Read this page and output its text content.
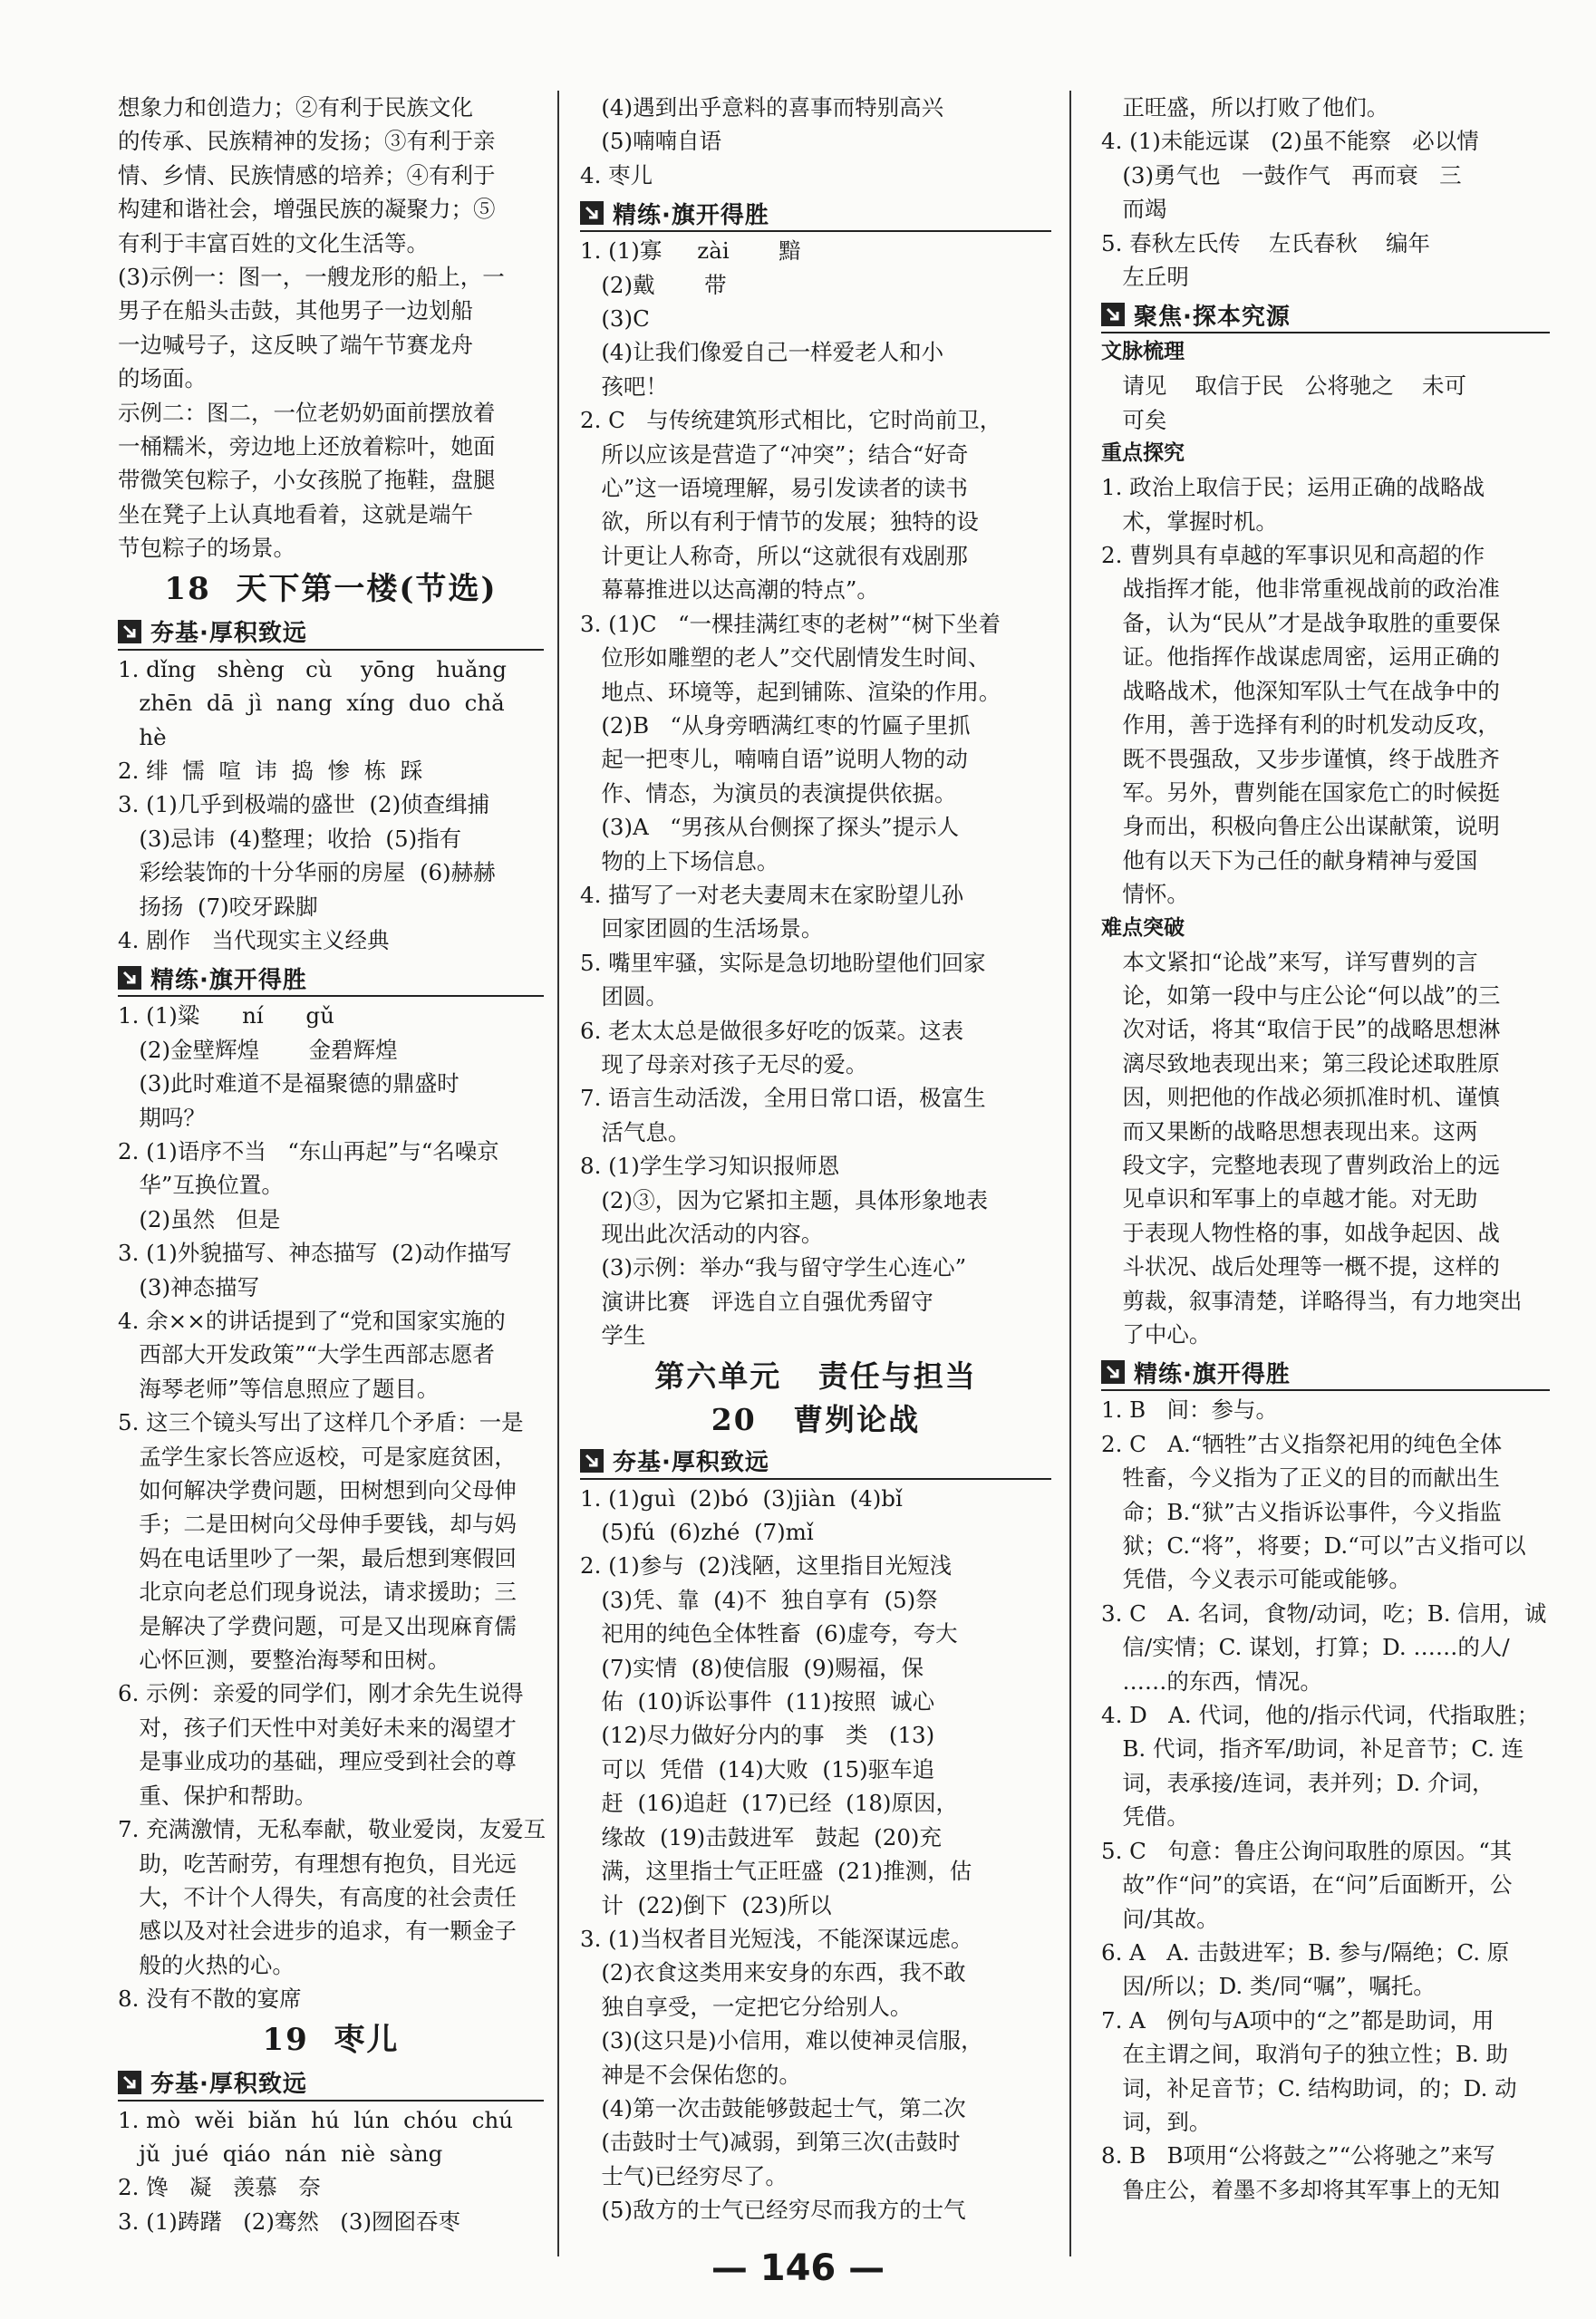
想象力和创造力；②有利于民族文化
的传承、民族精神的发扬；③有利于亲
情、乡情、民族情感的培养；④有利于
构建和谐社会，增强民族的凝聚力；⑤
有利于丰富百姓的文化生活等。
(3)示例一：图一，一艘龙形的船上，一
男子在船头击鼓，其他男子一边划船
一边喊号子，这反映了端午节赛龙舟
的场面。
示例二：图二，一位老奶奶面前摆放着
一桶糯米，旁边地上还放着粽叶，她面
带微笑包粽子，小女孩脱了拖鞋，盘腿
坐在凳子上认真地看着，这就是端午
节包粽子的场景。
18  天下第一楼(节选)
夯基·厚积致远
1. dǐng   shèng   cù    yōng   huǎng
zhēn  dā  jì  nang  xíng  duo  chǎ
hè
2. 绯  懦  喧  讳  捣  惨  栋  踩
3. (1)几乎到极端的盛世  (2)侦查缉捕
(3)忌讳  (4)整理；收拾  (5)指有
彩绘装饰的十分华丽的房屋  (6)赫赫
扬扬  (7)咬牙跺脚
4. 剧作   当代现实主义经典
精练·旗开得胜
1. (1)粱      ní      gǔ
(2)金壁辉煌       金碧辉煌
(3)此时难道不是福聚德的鼎盛时
期吗？
2. (1)语序不当   “东山再起”与“名噪京
华”互换位置。
(2)虽然   但是
3. (1)外貌描写、神态描写  (2)动作描写
(3)神态描写
4. 余××的讲话提到了“党和国家实施的
西部大开发政策”“大学生西部志愿者
海琴老师”等信息照应了题目。
5. 这三个镜头写出了这样几个矛盾：一是
孟学生家长答应返校，可是家庭贫困，
如何解决学费问题，田树想到向父母伸
手；二是田树向父母伸手要钱，却与妈
妈在电话里吵了一架，最后想到寒假回
北京向老总们现身说法，请求援助；三
是解决了学费问题，可是又出现麻育儒
心怀叵测，要整治海琴和田树。
6. 示例：亲爱的同学们，刚才余先生说得
对，孩子们天性中对美好未来的渴望才
是事业成功的基础，理应受到社会的尊
重、保护和帮助。
7. 充满激情，无私奉献，敬业爱岗，友爱互
助，吃苦耐劳，有理想有抱负，目光远
大，不计个人得失，有高度的社会责任
感以及对社会进步的追求，有一颗金子
般的火热的心。
8. 没有不散的宴席
19  枣儿
夯基·厚积致远
1. mò  wěi  biǎn  hú  lún  chóu  chú
jǔ  jué  qiáo  nán  niè  sàng
2. 馋   凝   羡慕   奈
3. (1)踌躇   (2)骞然   (3)囫囵吞枣
(4)遇到出乎意料的喜事而特别高兴
(5)喃喃自语
4. 枣儿
精练·旗开得胜
1. (1)寡     zài       黯
(2)戴       带
(3)C
(4)让我们像爱自己一样爱老人和小
孩吧！
2. C   与传统建筑形式相比，它时尚前卫，
所以应该是营造了“冲突”；结合“好奇
心”这一语境理解，易引发读者的读书
欲，所以有利于情节的发展；独特的设
计更让人称奇，所以“这就很有戏剧那
幕幕推进以达高潮的特点”。
3. (1)C   “一棵挂满红枣的老树”“树下坐着
位形如雕塑的老人”交代剧情发生时间、
地点、环境等，起到铺陈、渲染的作用。
(2)B   “从身旁晒满红枣的竹匾子里抓
起一把枣儿，喃喃自语”说明人物的动
作、情态，为演员的表演提供依据。
(3)A   “男孩从台侧探了探头”提示人
物的上下场信息。
4. 描写了一对老夫妻周末在家盼望儿孙
回家团圆的生活场景。
5. 嘴里牢骚，实际是急切地盼望他们回家
团圆。
6. 老太太总是做很多好吃的饭菜。这表
现了母亲对孩子无尽的爱。
7. 语言生动活泼，全用日常口语，极富生
活气息。
8. (1)学生学习知识报师恩
(2)③，因为它紧扣主题，具体形象地表
现出此次活动的内容。
(3)示例：举办“我与留守学生心连心”
演讲比赛   评选自立自强优秀留守
学生
第六单元   责任与担当
20   曹刿论战
夯基·厚积致远
1. (1)guì  (2)bó  (3)jiàn  (4)bǐ
(5)fú  (6)zhé  (7)mǐ
2. (1)参与  (2)浅陋，这里指目光短浅
(3)凭、靠  (4)不  独自享有  (5)祭
祀用的纯色全体牲畜  (6)虚夸，夸大
(7)实情  (8)使信服  (9)赐福，保
佑  (10)诉讼事件  (11)按照  诚心
(12)尽力做好分内的事   类   (13)
可以  凭借  (14)大败  (15)驱车追
赶  (16)追赶  (17)已经  (18)原因，
缘故  (19)击鼓进军   鼓起  (20)充
满，这里指士气正旺盛  (21)推测，估
计  (22)倒下  (23)所以
3. (1)当权者目光短浅，不能深谋远虑。
(2)衣食这类用来安身的东西，我不敢
独自享受，一定把它分给别人。
(3)(这只是)小信用，难以使神灵信服，
神是不会保佑您的。
(4)第一次击鼓能够鼓起士气，第二次
(击鼓时士气)减弱，到第三次(击鼓时
士气)已经穷尽了。
(5)敌方的士气已经穷尽而我方的士气
正旺盛，所以打败了他们。
4. (1)未能远谋   (2)虽不能察   必以情
(3)勇气也   一鼓作气   再而衰   三
而竭
5. 春秋左氏传    左氏春秋    编年
左丘明
聚焦·探本究源
文脉梳理
请见    取信于民   公将驰之    未可
可矣
重点探究
1. 政治上取信于民；运用正确的战略战
术，掌握时机。
2. 曹刿具有卓越的军事识见和高超的作
战指挥才能，他非常重视战前的政治准
备，认为“民从”才是战争取胜的重要保
证。他指挥作战谋虑周密，运用正确的
战略战术，他深知军队士气在战争中的
作用，善于选择有利的时机发动反攻，
既不畏强敌，又步步谨慎，终于战胜齐
军。另外，曹刿能在国家危亡的时候挺
身而出，积极向鲁庄公出谋献策，说明
他有以天下为己任的献身精神与爱国
情怀。
难点突破
本文紧扣“论战”来写，详写曹刿的言
论，如第一段中与庄公论“何以战”的三
次对话，将其“取信于民”的战略思想淋
漓尽致地表现出来；第三段论述取胜原
因，则把他的作战必须抓准时机、谨慎
而又果断的战略思想表现出来。这两
段文字，完整地表现了曹刿政治上的远
见卓识和军事上的卓越才能。对无助
于表现人物性格的事，如战争起因、战
斗状况、战后处理等一概不提，这样的
剪裁，叙事清楚，详略得当，有力地突出
了中心。
精练·旗开得胜
1. B   间：参与。
2. C   A.“牺牲”古义指祭祀用的纯色全体
牲畜，今义指为了正义的目的而献出生
命；B.“狱”古义指诉讼事件，今义指监
狱；C.“将”，将要；D.“可以”古义指可以
凭借，今义表示可能或能够。
3. C   A. 名词，食物/动词，吃；B. 信用，诚
信/实情；C. 谋划，打算；D. ……的人/
……的东西，情况。
4. D   A. 代词，他的/指示代词，代指取胜；
B. 代词，指齐军/助词，补足音节；C. 连
词，表承接/连词，表并列；D. 介词，
凭借。
5. C   句意：鲁庄公询问取胜的原因。“其
故”作“问”的宾语，在“问”后面断开，公
问/其故。
6. A   A. 击鼓进军；B. 参与/隔绝；C. 原
因/所以；D. 类/同“嘱”，嘱托。
7. A   例句与A项中的“之”都是助词，用
在主谓之间，取消句子的独立性；B. 助
词，补足音节；C. 结构助词，的；D. 动
词，到。
8. B   B项用“公将鼓之”“公将驰之”来写
鲁庄公，着墨不多却将其军事上的无知
— 146 —
